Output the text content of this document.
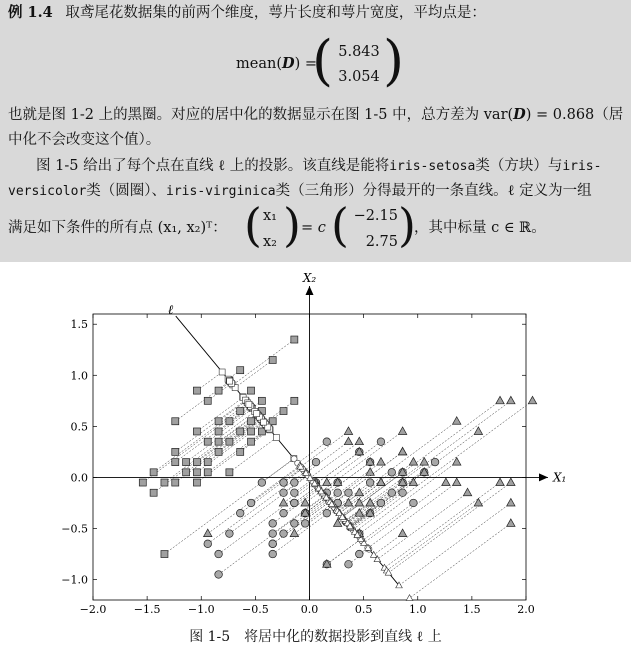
例 1.4 取鸢尾花数据集的前两个维度，萼片长度和萼片宽度，平均点是：
mean(D) =
( 5.843
3.054 )
也就是图 1-2 上的黑圈。对应的居中化的数据显示在图 1-5 中，总方差为 var(D) = 0.868（居
中化不会改变这个值）。
图 1-5 给出了每个点在直线 ℓ 上的投影。该直线是能将iris-setosa类（方块）与iris-
versicolor类（圆圈）、iris-virginica类（三角形）分得最开的一条直线。ℓ 定义为一组
满足如下条件的所有点 (x₁, x₂)ᵀ： ( x₁
x₂ ) = c ( −2.15
2.75 )
，其中标量 c ∈ ℝ。
−2.0 −1.5 −1.0 −0.5	0.0	0.5	1.0	1.5	2.0
−1.0
−0.5
0.0
0.5
1.0
1.5
X₁
X₂
ℓ
图 1-5　将居中化的数据投影到直线 ℓ 上
